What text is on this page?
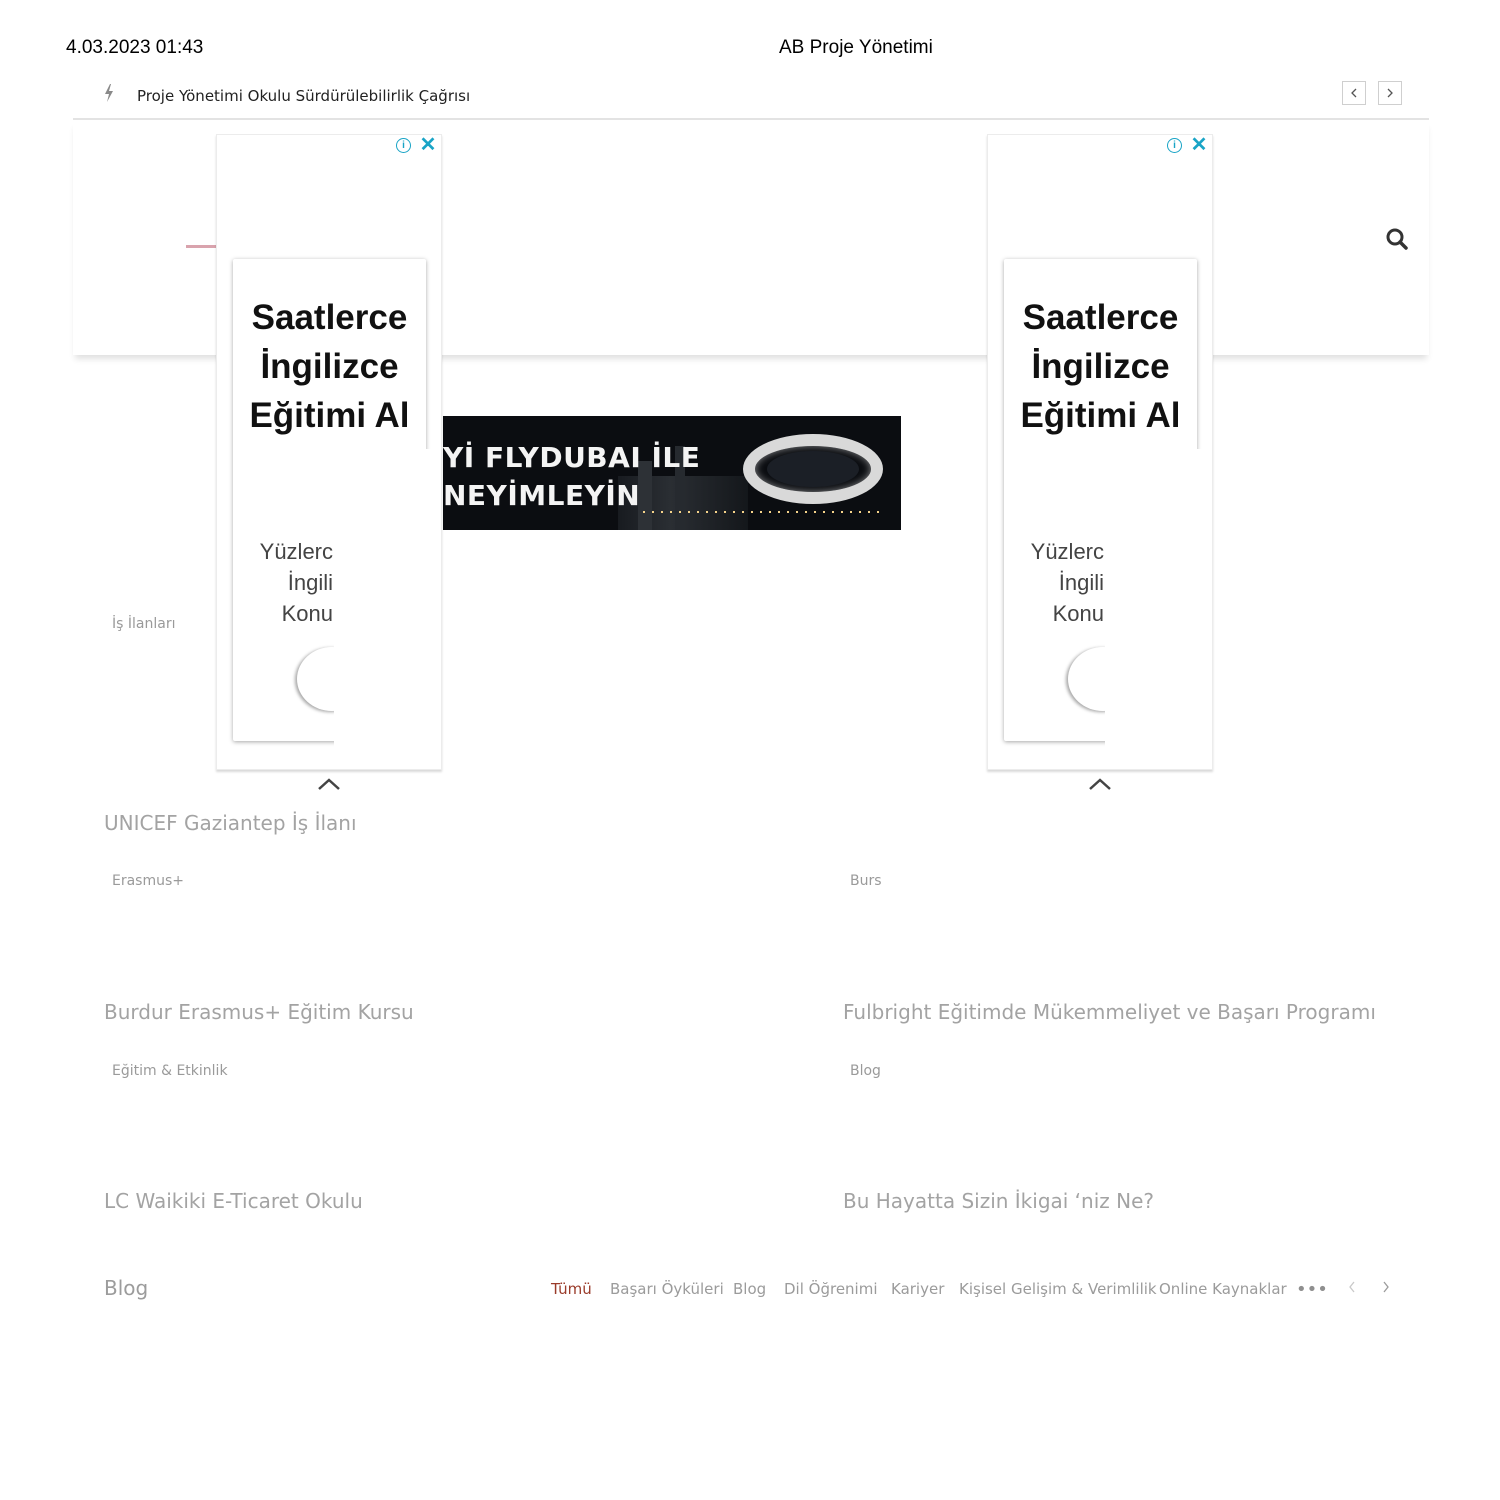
4.03.2023 01:43	AB Proje Yönetimi
Proje Yönetimi Okulu Sürdürülebilirlik Çağrısı
İş İlanları
UNICEF Gaziantep İş İlanı
Erasmus+
Burdur Erasmus+ Eğitim Kursu
Burs
Fulbright Eğitimde Mükemmeliyet ve Başarı Programı
Eğitim & Etkinlik
LC Waikiki E-Ticaret Okulu
Blog
Bu Hayatta Sizin İkigai ‘niz Ne?
Yİ FLYDUBAI İLE
NEYİMLEYİN
i ✕
Saatlerce
İngilizce
Eğitimi Al
Yüzlerc
İngili
Konu
i ✕
Saatlerce
İngilizce
Eğitimi Al
Yüzlerc
İngili
Konu
Blog	Tümü Başarı Öyküleri Blog Dil Öğrenimi Kariyer Kişisel Gelişim & Verimlilik Online Kaynaklar •••
